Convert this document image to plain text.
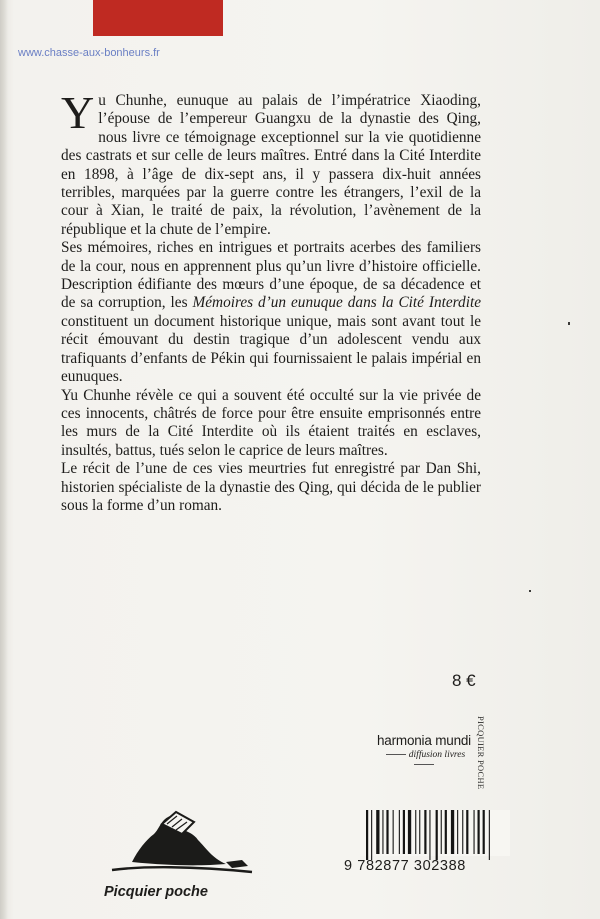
www.chasse-aux-bonheurs.fr

Yu Chunhe, eunuque au palais de l’impératrice Xiaoding, l’épouse de l’empereur Guangxu de la dynastie des Qing, nous livre ce témoignage exceptionnel sur la vie quotidienne des castrats et sur celle de leurs maîtres. Entré dans la Cité Interdite en 1898, à l’âge de dix-sept ans, il y passera dix-huit années terribles, marquées par la guerre contre les étrangers, l’exil de la cour à Xian, le traité de paix, la révolution, l’avènement de la république et la chute de l’empire.

Ses mémoires, riches en intrigues et portraits acerbes des familiers de la cour, nous en apprennent plus qu’un livre d’histoire officielle. Description édifiante des mœurs d’une époque, de sa décadence et de sa corruption, les Mémoires d’un eunuque dans la Cité Interdite constituent un document historique unique, mais sont avant tout le récit émouvant du destin tragique d’un adolescent vendu aux trafiquants d’enfants de Pékin qui fournissaient le palais impérial en eunuques.

Yu Chunhe révèle ce qui a souvent été occulté sur la vie privée de ces innocents, châtrés de force pour être ensuite emprisonnés entre les murs de la Cité Interdite où ils étaient traités en esclaves, insultés, battus, tués selon le caprice de leurs maîtres.

Le récit de l’une de ces vies meurtries fut enregistré par Dan Shi, historien spécialiste de la dynastie des Qing, qui décida de le publier sous la forme d’un roman.

8 €
PICQUIER POCHE
harmonia mundi
diffusion livres
9 782877 302388
Picquier poche
